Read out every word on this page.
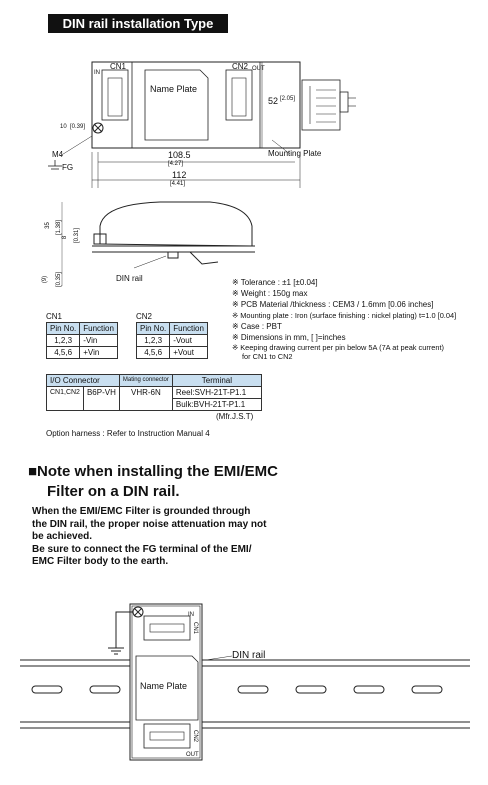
DIN rail installation Type
CN1	CN2
IN
OUT
Name Plate
52 [2.05]
10 [0.39]
M4
FG
108.5
[4.27]
112
[4.41]
Mounting Plate
35 [1.38]
8 [0.31]
(9) [0.35]	DIN rail	※ Tolerance : ±1 [±0.04]
※ Weight : 150g max
※ PCB Material /thickness : CEM3 / 1.6mm [0.06 inches]
※ Mounting plate : Iron (surface finishing : nickel plating) t=1.0 [0.04]
※ Case : PBT
※ Dimensions in mm, [ ]=inches
※ Keeping drawing current per pin below 5A (7A at peak current)
for CN1 to CN2
CN1
Pin No.	Function
1,2,3	-Vin
4,5,6	+Vin
CN2
Pin No.	Function
1,2,3	-Vout
4,5,6	+Vout
I/O Connector		Mating connector	Terminal
CN1,CN2	B6P-VH	VHR-6N	Reel:SVH-21T-P1.1
			Bulk:BVH-21T-P1.1
(Mfr.J.S.T)
Option harness : Refer to Instruction Manual 4
■Note when installing the EMI/EMC
Filter on a DIN rail.
When the EMI/EMC Filter is grounded through
the DIN rail, the proper noise attenuation may not
be achieved.
Be sure to connect the FG terminal of the EMI/
EMC Filter body to the earth.
IN
CN1
CN2
OUT
DIN rail
Name Plate
